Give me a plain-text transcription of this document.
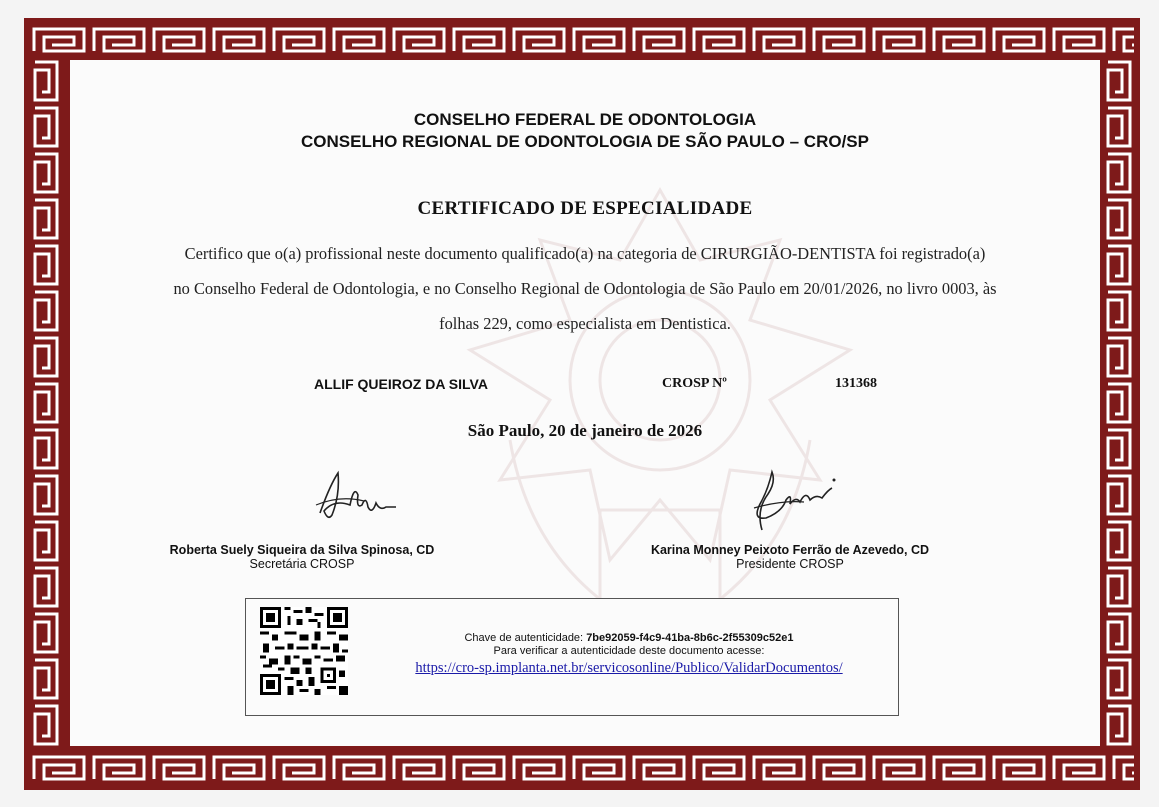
CONSELHO FEDERAL DE ODONTOLOGIA
CONSELHO REGIONAL DE ODONTOLOGIA DE SÃO PAULO – CRO/SP
CERTIFICADO DE ESPECIALIDADE
Certifico que o(a) profissional neste documento qualificado(a) na categoria de CIRURGIÃO-DENTISTA foi registrado(a)
no Conselho Federal de Odontologia, e no Conselho Regional de Odontologia de São Paulo em 20/01/2026, no livro 0003, às
folhas 229, como especialista em Dentistica.
ALLIF QUEIROZ DA SILVA	CROSP Nº	131368
São Paulo, 20 de janeiro de 2026
Roberta Suely Siqueira da Silva Spinosa, CD
Secretária CROSP
Karina Monney Peixoto Ferrão de Azevedo, CD
Presidente CROSP
Chave de autenticidade: 7be92059-f4c9-41ba-8b6c-2f55309c52e1
Para verificar a autenticidade deste documento acesse:
https://cro-sp.implanta.net.br/servicosonline/Publico/ValidarDocumentos/
